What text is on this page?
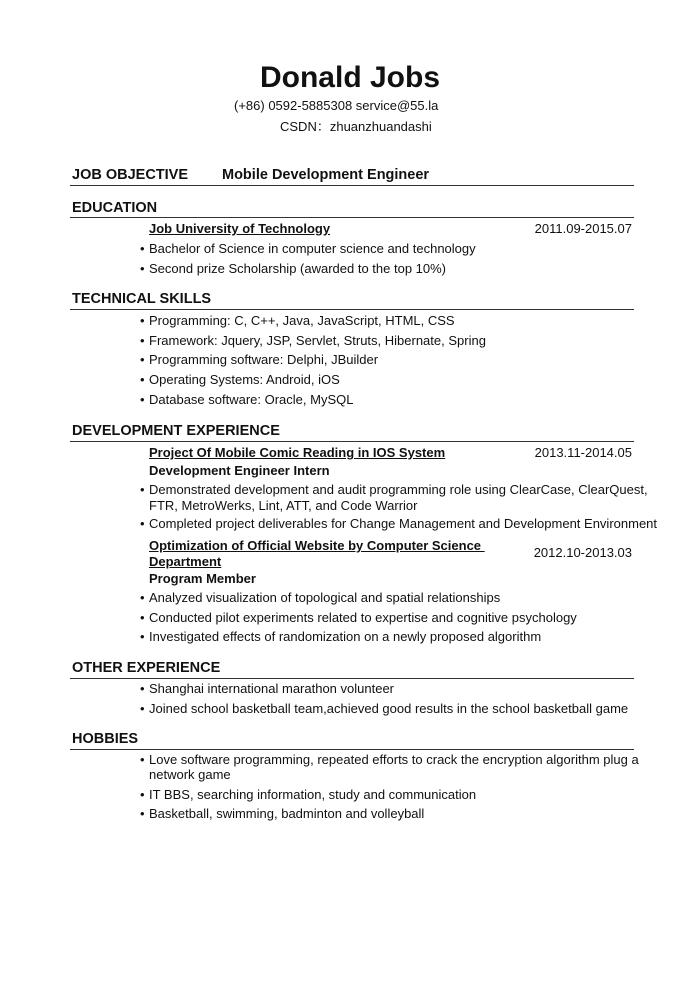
Donald Jobs
(+86) 0592-5885308 service@55.la
CSDN：zhuanzhuandashi
JOB OBJECTIVE Mobile Development Engineer
EDUCATION
Job University of Technology	2011.09-2015.07
• Bachelor of Science in computer science and technology
• Second prize Scholarship (awarded to the top 10%)
TECHNICAL SKILLS
• Programming: C, C++, Java, JavaScript, HTML, CSS
• Framework: Jquery, JSP, Servlet, Struts, Hibernate, Spring
• Programming software: Delphi, JBuilder
• Operating Systems: Android, iOS
• Database software: Oracle, MySQL
DEVELOPMENT EXPERIENCE
Project Of Mobile Comic Reading in IOS System	2013.11-2014.05
Development Engineer Intern
• Demonstrated development and audit programming role using ClearCase, ClearQuest,
FTR, MetroWerks, Lint, ATT, and Code Warrior
• Completed project deliverables for Change Management and Development Environment
Optimization of Official Website by Computer Science
Department
2012.10-2013.03
Program Member
• Analyzed visualization of topological and spatial relationships
• Conducted pilot experiments related to expertise and cognitive psychology
• Investigated effects of randomization on a newly proposed algorithm
OTHER EXPERIENCE
• Shanghai international marathon volunteer
• Joined school basketball team,achieved good results in the school basketball game
HOBBIES
• Love software programming, repeated efforts to crack the encryption algorithm plug a
network game
• IT BBS, searching information, study and communication
• Basketball, swimming, badminton and volleyball
